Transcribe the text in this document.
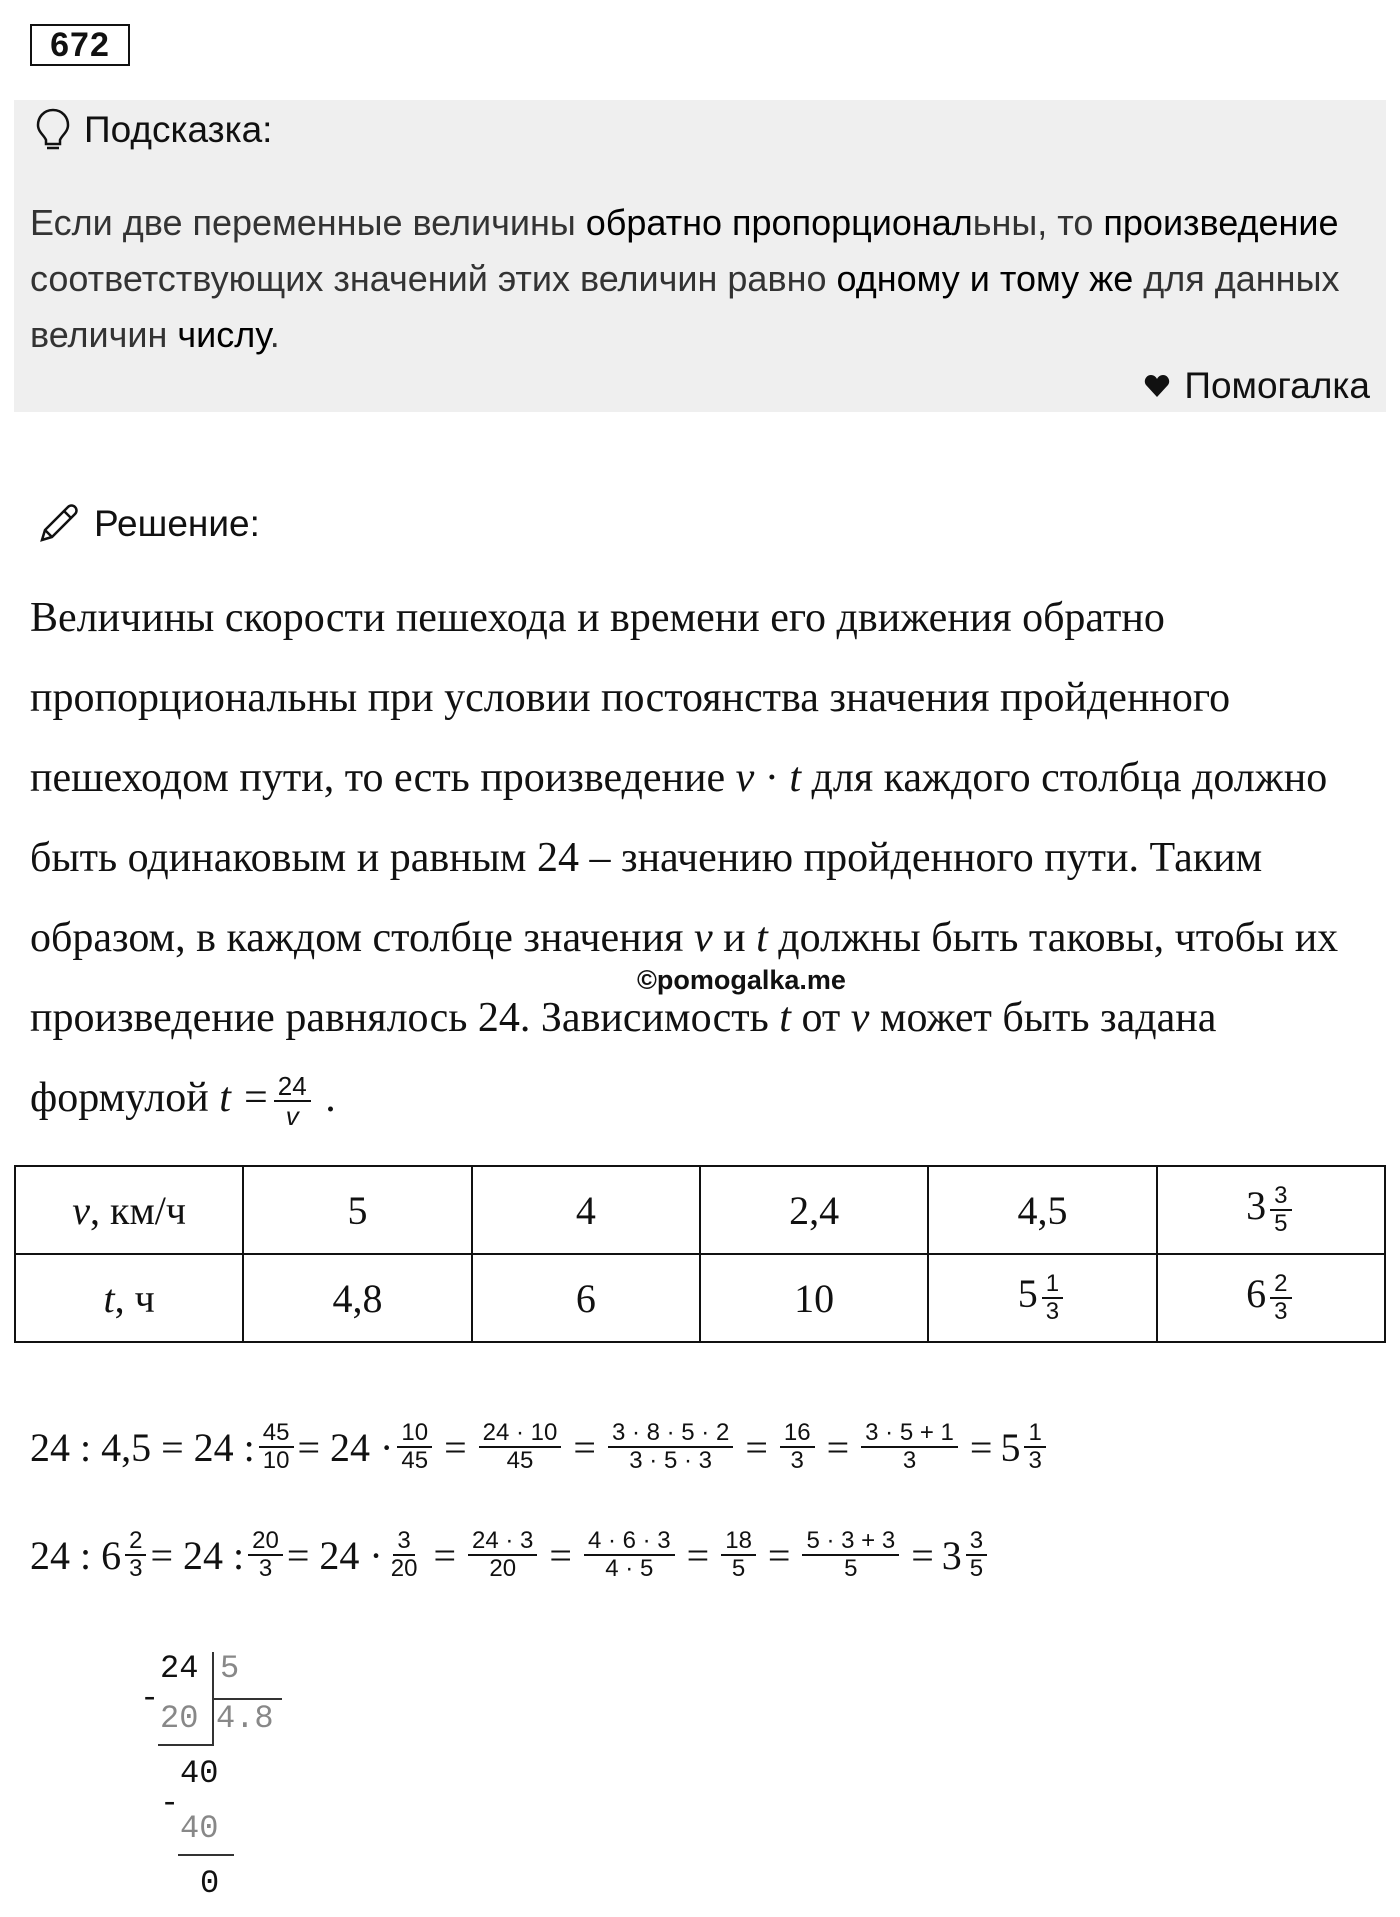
672
Подсказка:
Если две переменные величины обратно пропорциональны, то произведение соответствующих значений этих величин равно одному и тому же для данных величин числу.
Помогалка
Решение:
Величины скорости пешехода и времени его движения обратно пропорциональны при условии постоянства значения пройденного пешеходом пути, то есть произведение v · t для каждого столбца должно быть одинаковым и равным 24 – значению пройденного пути. Таким образом, в каждом столбце значения v и t должны быть таковы, чтобы их произведение равнялось 24. Зависимость t от v может быть задана формулой $t = \frac{24}{v}$ .
©pomogalka.me
v, км/ч	5	4	2,4	4,5	$3 \frac{3}{5}$

t, ч	4,8	6	10	$5 \frac{1}{3}$	$6 \frac{2}{3}$
24 : 4,5 = 24 : $\frac{45}{10} = 24 \cdot \frac{10}{45} = \frac{24 \cdot 10}{45} = \frac{3 \cdot 8 \cdot 5 \cdot 2}{3 \cdot 5 \cdot 3} = \frac{16}{3} = \frac{3 \cdot 5 + 1}{3} = 5 \frac{1}{3}$
24 : $6 \frac{2}{3} = 24$ : $\frac{20}{3} = 24 \cdot \frac{3}{20} = \frac{24 \cdot 3}{20} = \frac{4 \cdot 6 \cdot 3}{4 \cdot 5} = \frac{18}{5} = \frac{5 \cdot 3 + 3}{5} = 3 \frac{3}{5}$
24 5
-
20 4.8
40
-
40
0
